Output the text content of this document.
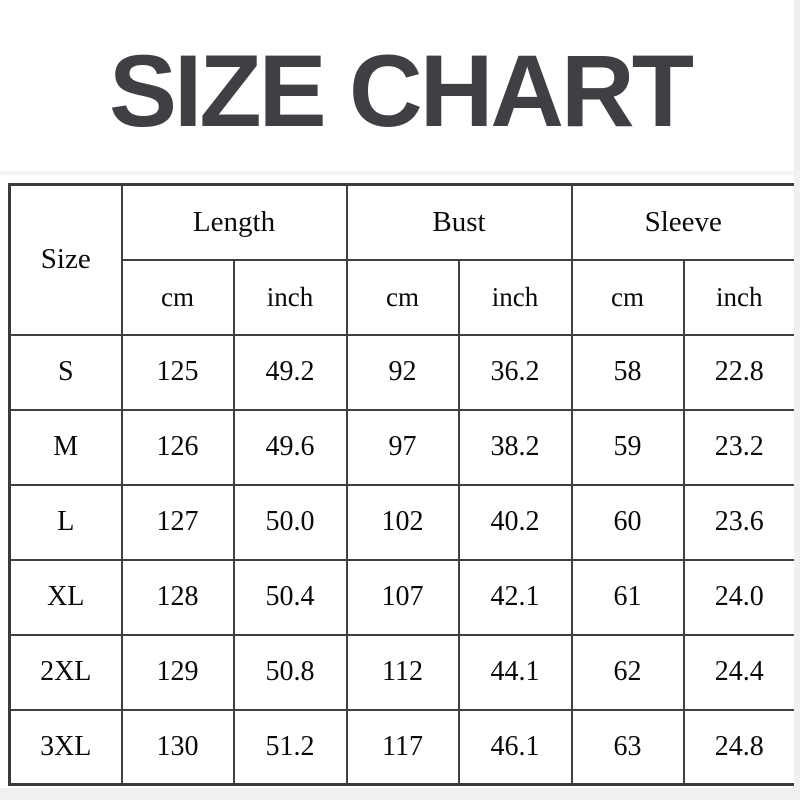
SIZE CHART
Size	Length		Bust		Sleeve	
	cm	inch	cm	inch	cm	inch
S	125	49.2	92	36.2	58	22.8
M	126	49.6	97	38.2	59	23.2
L	127	50.0	102	40.2	60	23.6
XL	128	50.4	107	42.1	61	24.0
2XL	129	50.8	112	44.1	62	24.4
3XL	130	51.2	117	46.1	63	24.8
